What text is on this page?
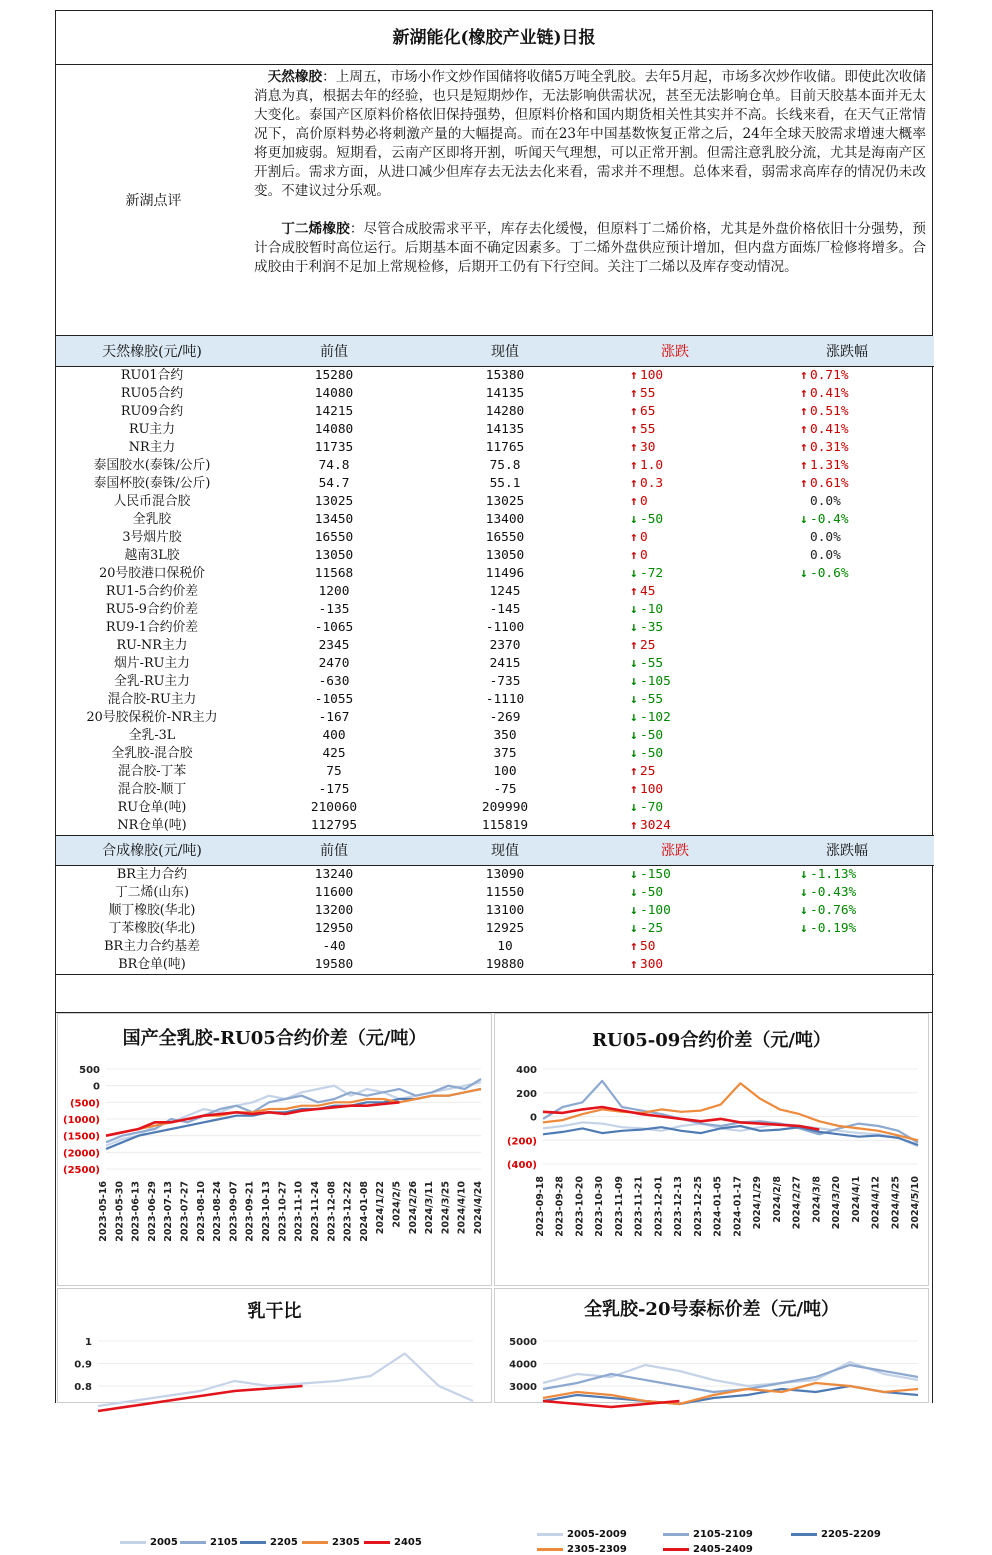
新湖能化(橡胶产业链)日报
新湖点评

天然橡胶：上周五，市场小作文炒作国储将收储5万吨全乳胶。去年5月起，市场多次炒作收储。即使此次收储消息为真，根据去年的经验，也只是短期炒作，无法影响供需状况，甚至无法影响仓单。目前天胶基本面并无太大变化。泰国产区原料价格依旧保持强势，但原料价格和国内期货相关性其实并不高。长线来看，在天气正常情况下，高价原料势必将刺激产量的大幅提高。而在23年中国基数恢复正常之后，24年全球天胶需求增速大概率将更加疲弱。短期看，云南产区即将开割，听闻天气理想，可以正常开割。但需注意乳胶分流，尤其是海南产区开割后。需求方面，从进口减少但库存去无法去化来看，需求并不理想。总体来看，弱需求高库存的情况仍未改变。不建议过分乐观。

丁二烯橡胶：尽管合成胶需求平平，库存去化缓慢，但原料丁二烯价格，尤其是外盘价格依旧十分强势，预计合成胶暂时高位运行。后期基本面不确定因素多。丁二烯外盘供应预计增加，但内盘方面炼厂检修将增多。合成胶由于利润不足加上常规检修，后期开工仍有下行空间。关注丁二烯以及库存变动情况。

天然橡胶(元/吨)	前值	现值	涨跌	涨跌幅
RU01合约	15280	15380	↑ 100	↑ 0.71%
RU05合约	14080	14135	↑ 55	↑ 0.41%
RU09合约	14215	14280	↑ 65	↑ 0.51%
RU主力	14080	14135	↑ 55	↑ 0.41%
NR主力	11735	11765	↑ 30	↑ 0.31%
泰国胶水(泰铢/公斤)	74.8	75.8	↑ 1.0	↑ 1.31%
泰国杯胶(泰铢/公斤)	54.7	55.1	↑ 0.3	↑ 0.61%
人民币混合胶	13025	13025	↑ 0	0.0%
全乳胶	13450	13400	↓ -50	↓ -0.4%
3号烟片胶	16550	16550	↑ 0	0.0%
越南3L胶	13050	13050	↑ 0	0.0%
20号胶港口保税价	11568	11496	↓ -72	↓ -0.6%
RU1-5合约价差	1200	1245	↑ 45	
RU5-9合约价差	-135	-145	↓ -10	
RU9-1合约价差	-1065	-1100	↓ -35	
RU-NR主力	2345	2370	↑ 25	
烟片-RU主力	2470	2415	↓ -55	
全乳-RU主力	-630	-735	↓ -105	
混合胶-RU主力	-1055	-1110	↓ -55	
20号胶保税价-NR主力	-167	-269	↓ -102	
全乳-3L	400	350	↓ -50	
全乳胶-混合胶	425	375	↓ -50	
混合胶-丁苯	75	100	↑ 25	
混合胶-顺丁	-175	-75	↑ 100	
RU仓单(吨)	210060	209990	↓ -70	
NR仓单(吨)	112795	115819	↑ 3024	
合成橡胶(元/吨)	前值	现值	涨跌	涨跌幅
BR主力合约	13240	13090	↓ -150	↓ -1.13%
丁二烯(山东)	11600	11550	↓ -50	↓ -0.43%
顺丁橡胶(华北)	13200	13100	↓ -100	↓ -0.76%
丁苯橡胶(华北)	12950	12925	↓ -25	↓ -0.19%
BR主力合约基差	-40	10	↑ 50	
BR仓单(吨)	19580	19880	↑ 300	
国产全乳胶-RU05合约价差（元/吨）
500
0
(500)
(1000)
(1500)
(2000)
(2500)
2023-05-16 2023-05-30 2023-06-13 2023-06-29 2023-07-13 2023-07-27 2023-08-10 2023-08-24 2023-09-07 2023-09-21 2023-10-13 2023-10-27 2023-11-10 2023-11-24 2023-12-08 2023-12-22 2024-01-08 2024/1/22 2024/2/5 2024/2/26 2024/3/11 2024/3/25 2024/4/10 2024/4/24
2005	2105	2205	2305	2405
RU05-09合约价差（元/吨）
400
200
0
(200)
(400)
2023-09-18 2023-09-28 2023-10-20 2023-10-30 2023-11-09 2023-11-21 2023-12-01 2023-12-13 2023-12-25 2024-01-05 2024-01-17 2024/1/29 2024/2/8 2024/2/27 2024/3/8 2024/3/20 2024/4/1 2024/4/12 2024/4/25 2024/5/10
2005-2009	2105-2109	2205-2209
2305-2309	2405-2409
乳干比
1
0.9
0.8
全乳胶-20号泰标价差（元/吨）
5000
4000
3000
